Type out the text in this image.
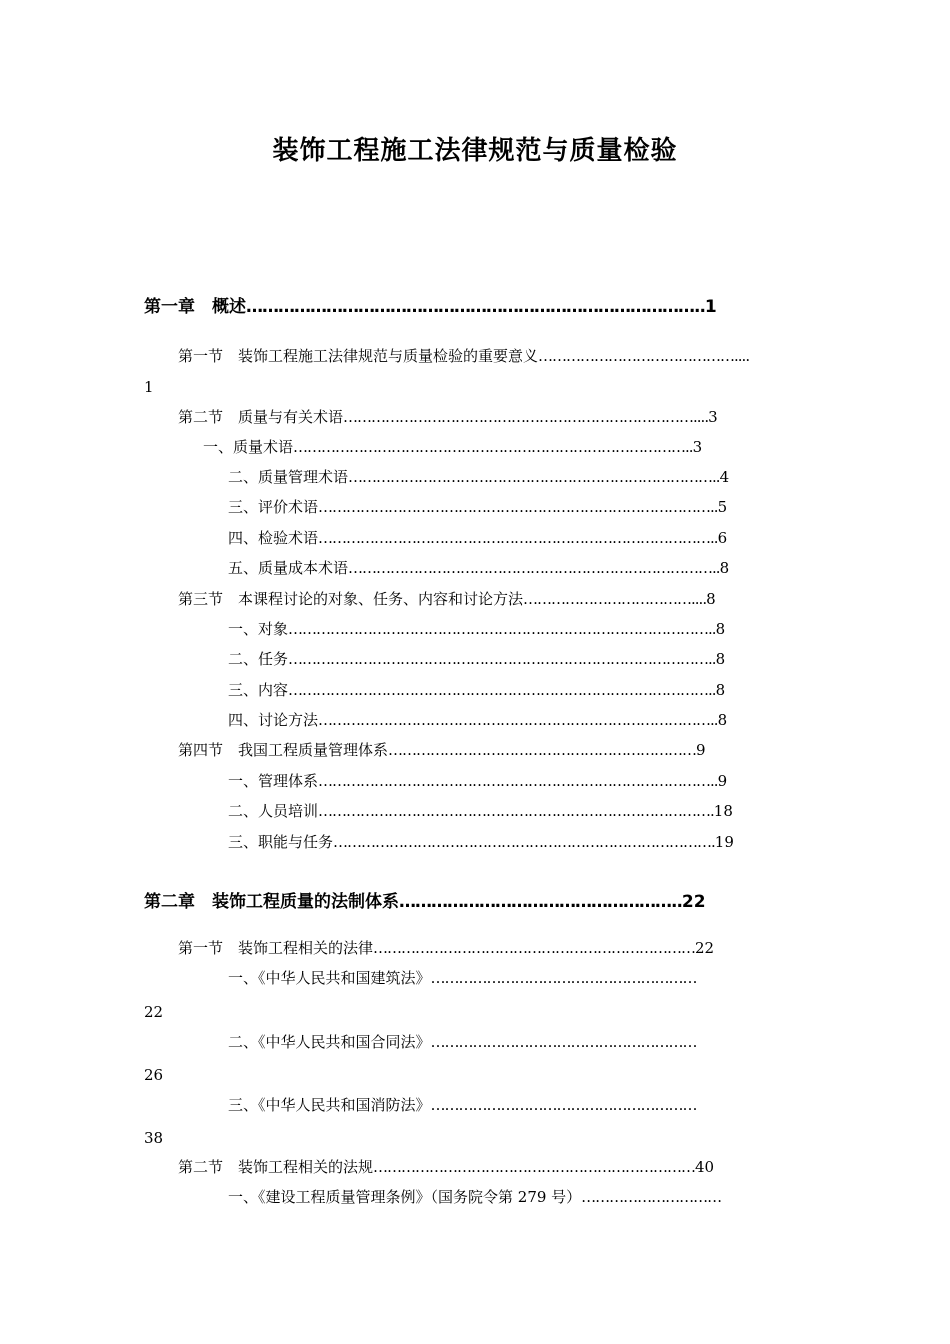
装饰工程施工法律规范与质量检验
第一章　概述…………………………………………………………………………..1
第一节　装饰工程施工法律规范与质量检验的重要意义……………………………………....
1
第二节　质量与有关术语…………………………………………………………………....3
一、质量术语…………………………………………………………………………..3
二、质量管理术语……………………………………………………………………..4
三、评价术语…………………………………………………………………………..5
四、检验术语…………………………………………………………………………..6
五、质量成本术语……………………………………………………………………..8
第三节　本课程讨论的对象、任务、内容和讨论方法………………………………....8
一、对象………………………………………………………………………………..8
二、任务………………………………………………………………………………..8
三、内容………………………………………………………………………………..8
四、讨论方法…………………………………………………………………………..8
第四节　我国工程质量管理体系…………………………………………………………9
一、管理体系…………………………………………………………………………..9
二、人员培训………………………………………………………………………….18
三、职能与任务……………………………………………………………………….19
第二章　装饰工程质量的法制体系……………………………………………..22
第一节　装饰工程相关的法律……………………………………………………………22
一、《中华人民共和国建筑法》…………………………………………………
22
二、《中华人民共和国合同法》…………………………………………………
26
三、《中华人民共和国消防法》…………………………………………………
38
第二节　装饰工程相关的法规……………………………………………………………40
一、《建设工程质量管理条例》（国务院令第 279 号）…………………………
